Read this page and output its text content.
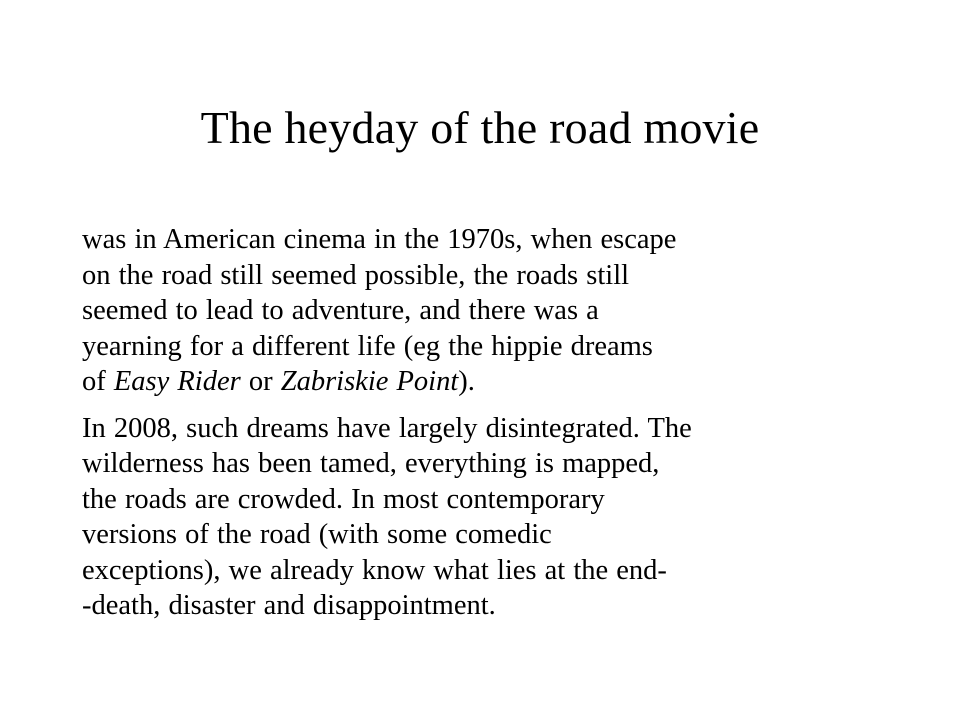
The heyday of the road movie

was in American cinema in the 1970s, when escape
on the road still seemed possible, the roads still
seemed to lead to adventure, and there was a
yearning for a different life (eg the hippie dreams
of Easy Rider or Zabriskie Point).

In 2008, such dreams have largely disintegrated. The
wilderness has been tamed, everything is mapped,
the roads are crowded. In most contemporary
versions of the road (with some comedic
exceptions), we already know what lies at the end-
-death, disaster and disappointment.
